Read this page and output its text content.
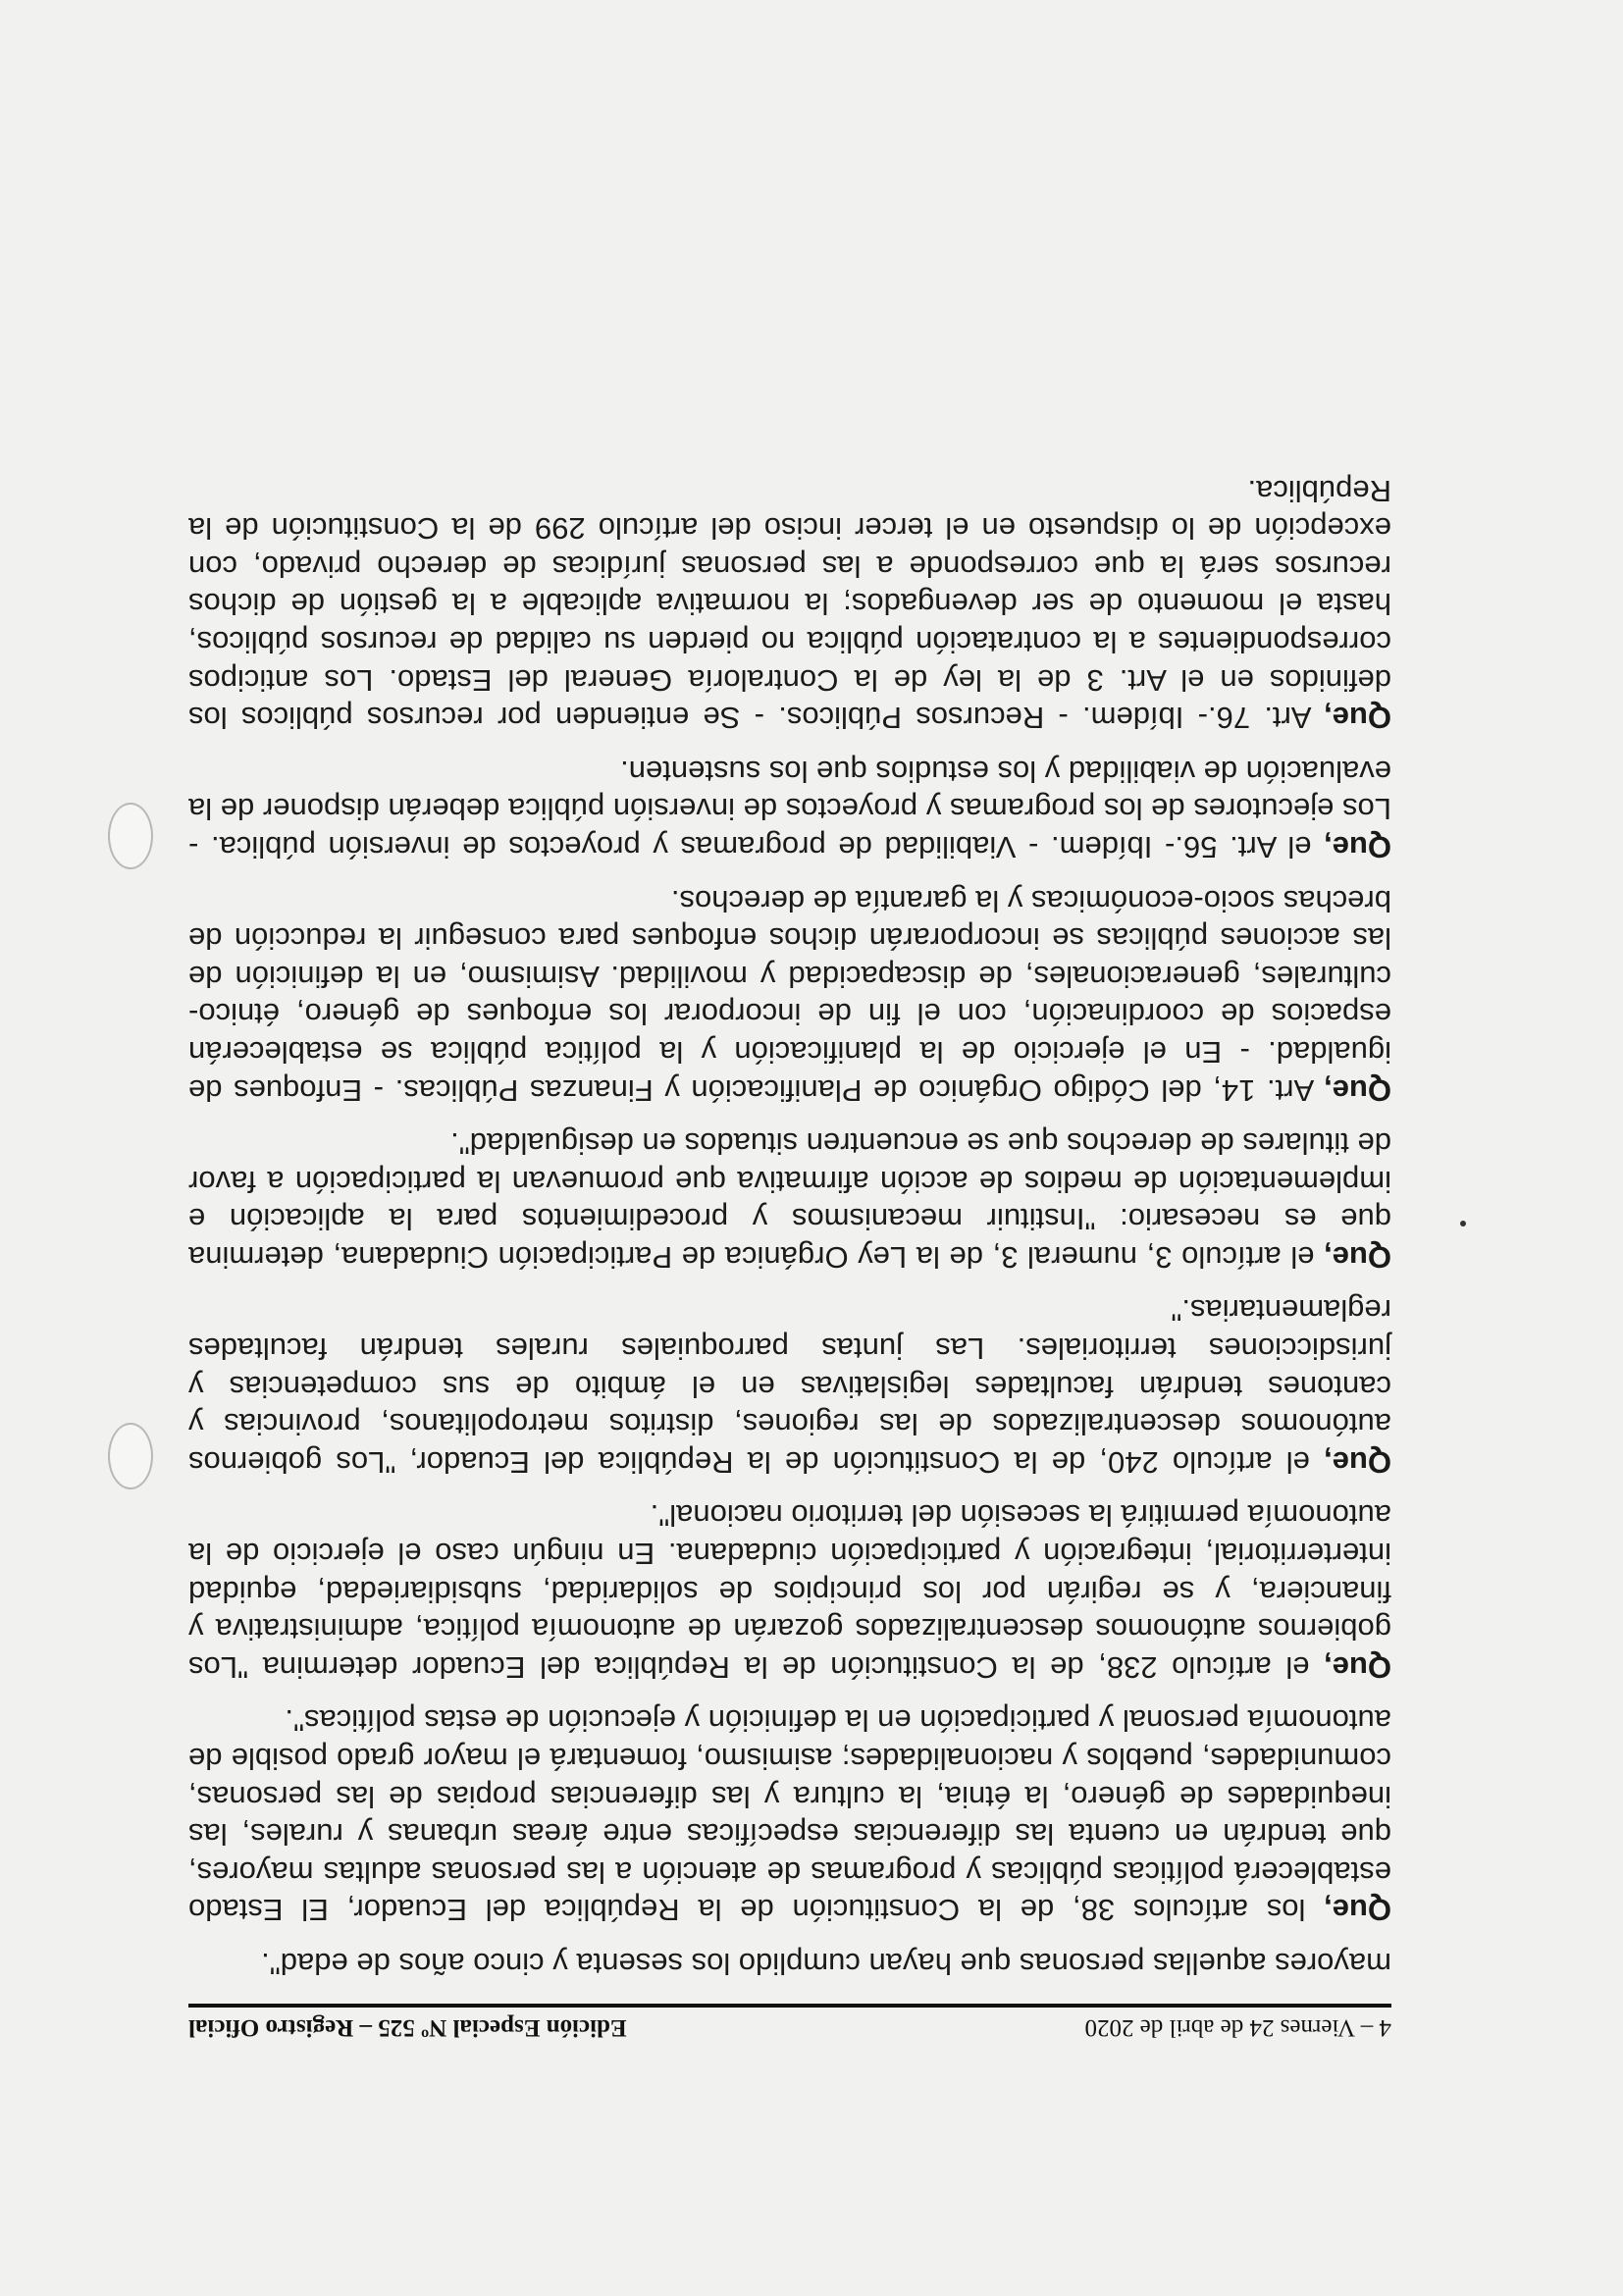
4 – Viernes 24 de abril de 2020
Edición Especial Nº 525 – Registro Oficial

mayores aquellas personas que hayan cumplido los sesenta y cinco años de edad".

Que, los artículos 38, de la Constitución de la República del Ecuador, El Estado establecerá políticas públicas y programas de atención a las personas adultas mayores, que tendrán en cuenta las diferencias específicas entre áreas urbanas y rurales, las inequidades de género, la étnia, la cultura y las diferencias propias de las personas, comunidades, pueblos y nacionalidades; asimismo, fomentará el mayor grado posible de autonomía personal y participación en la definición y ejecución de estas políticas".

Que, el artículo 238, de la Constitución de la República del Ecuador determina "Los gobiernos autónomos descentralizados gozarán de autonomía política, administrativa y financiera, y se regirán por los principios de solidaridad, subsidiariedad, equidad interterritorial, integración y participación ciudadana. En ningún caso el ejercicio de la autonomía permitirá la secesión del territorio nacional".

Que, el artículo 240, de la Constitución de la República del Ecuador, "Los gobiernos autónomos descentralizados de las regiones, distritos metropolitanos, provincias y cantones tendrán facultades legislativas en el ámbito de sus competencias y jurisdicciones territoriales. Las juntas parroquiales rurales tendrán facultades reglamentarias."

Que, el artículo 3, numeral 3, de la Ley Orgánica de Participación Ciudadana, determina que es necesario: "Instituir mecanismos y procedimientos para la aplicación e implementación de medios de acción afirmativa que promuevan la participación a favor de titulares de derechos que se encuentren situados en desigualdad".

Que, Art. 14, del Código Orgánico de Planificación y Finanzas Públicas. - Enfoques de igualdad. - En el ejercicio de la planificación y la política pública se establecerán espacios de coordinación, con el fin de incorporar los enfoques de género, étnico-culturales, generacionales, de discapacidad y movilidad. Asimismo, en la definición de las acciones públicas se incorporarán dichos enfoques para conseguir la reducción de brechas socio-económicas y la garantía de derechos.

Que, el Art. 56.- Ibídem. - Viabilidad de programas y proyectos de inversión pública. - Los ejecutores de los programas y proyectos de inversión pública deberán disponer de la evaluación de viabilidad y los estudios que los sustenten.

Que, Art. 76.- Ibídem. - Recursos Públicos. - Se entienden por recursos públicos los definidos en el Art. 3 de la ley de la Contraloría General del Estado. Los anticipos correspondientes a la contratación pública no pierden su calidad de recursos públicos, hasta el momento de ser devengados; la normativa aplicable a la gestión de dichos recursos será la que corresponde a las personas jurídicas de derecho privado, con excepción de lo dispuesto en el tercer inciso del artículo 299 de la Constitución de la República.
